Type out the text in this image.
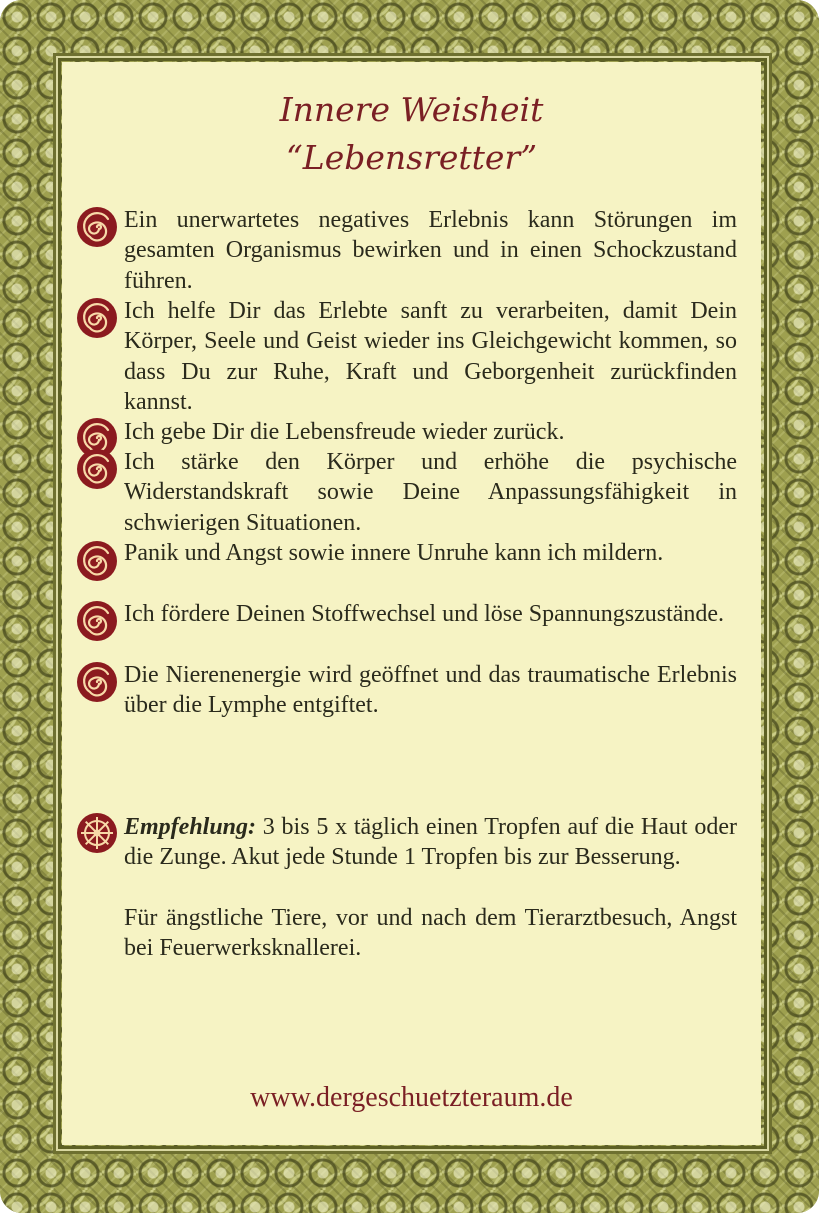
Innere Weisheit
“Lebensretter”
Ein unerwartetes negatives Erlebnis kann Störungen im gesamten Organismus bewirken und in einen Schockzustand führen.
Ich helfe Dir das Erlebte sanft zu verarbeiten, damit Dein Körper, Seele und Geist wieder ins Gleichgewicht kommen, so dass Du zur Ruhe, Kraft und Geborgenheit zurückfinden kannst.
Ich gebe Dir die Lebensfreude wieder zurück.
Ich stärke den Körper und erhöhe die psychische Widerstandskraft sowie Deine Anpassungsfähigkeit in schwierigen Situationen.
Panik und Angst sowie innere Unruhe kann ich mildern.
Ich fördere Deinen Stoffwechsel und löse Spannungszustände.
Die Nierenenergie wird geöffnet und das traumatische Erlebnis über die Lymphe entgiftet.
Empfehlung: 3 bis 5 x täglich einen Tropfen auf die Haut oder die Zunge. Akut jede Stunde 1 Tropfen bis zur Besserung.
Für ängstliche Tiere, vor und nach dem Tierarztbesuch, Angst bei Feuerwerksknallerei.
www.dergeschuetzteraum.de
